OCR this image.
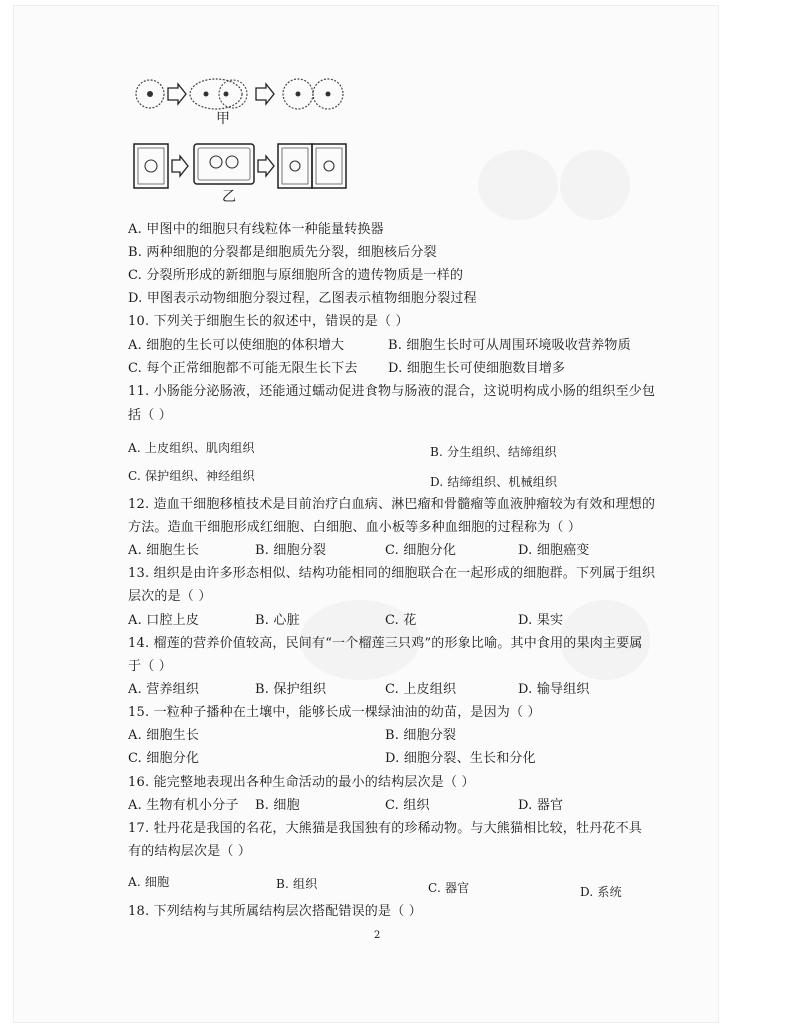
甲
乙
A. 甲图中的细胞只有线粒体一种能量转换器
B. 两种细胞的分裂都是细胞质先分裂，细胞核后分裂
C. 分裂所形成的新细胞与原细胞所含的遗传物质是一样的
D. 甲图表示动物细胞分裂过程，乙图表示植物细胞分裂过程
10. 下列关于细胞生长的叙述中，错误的是（ ）
A. 细胞的生长可以使细胞的体积增大	B. 细胞生长时可从周围环境吸收营养物质
C. 每个正常细胞都不可能无限生长下去 D. 细胞生长可使细胞数目增多
11. 小肠能分泌肠液，还能通过蠕动促进食物与肠液的混合，这说明构成小肠的组织至少包
括（ ）
A. 上皮组织、肌肉组织	B. 分生组织、结缔组织
C. 保护组织、神经组织	D. 结缔组织、机械组织
12. 造血干细胞移植技术是目前治疗白血病、淋巴瘤和骨髓瘤等血液肿瘤较为有效和理想的
方法。造血干细胞形成红细胞、白细胞、血小板等多种血细胞的过程称为（ ）
A. 细胞生长	B. 细胞分裂	C. 细胞分化	D. 细胞癌变
13. 组织是由许多形态相似、结构功能相同的细胞联合在一起形成的细胞群。下列属于组织
层次的是（ ）
A. 口腔上皮	B. 心脏	C. 花	D. 果实
14. 榴莲的营养价值较高，民间有“一个榴莲三只鸡”的形象比喻。其中食用的果肉主要属
于（ ）
A. 营养组织	B. 保护组织	C. 上皮组织	D. 输导组织
15. 一粒种子播种在土壤中，能够长成一棵绿油油的幼苗，是因为（ ）
A. 细胞生长	B. 细胞分裂
C. 细胞分化	D. 细胞分裂、生长和分化
16. 能完整地表现出各种生命活动的最小的结构层次是（ ）
A. 生物有机小分子 B. 细胞	C. 组织	D. 器官
17. 牡丹花是我国的名花，大熊猫是我国独有的珍稀动物。与大熊猫相比较，牡丹花不具
有的结构层次是（ ）
A. 细胞	B. 组织	C. 器官	D. 系统
18. 下列结构与其所属结构层次搭配错误的是（ ）
2
